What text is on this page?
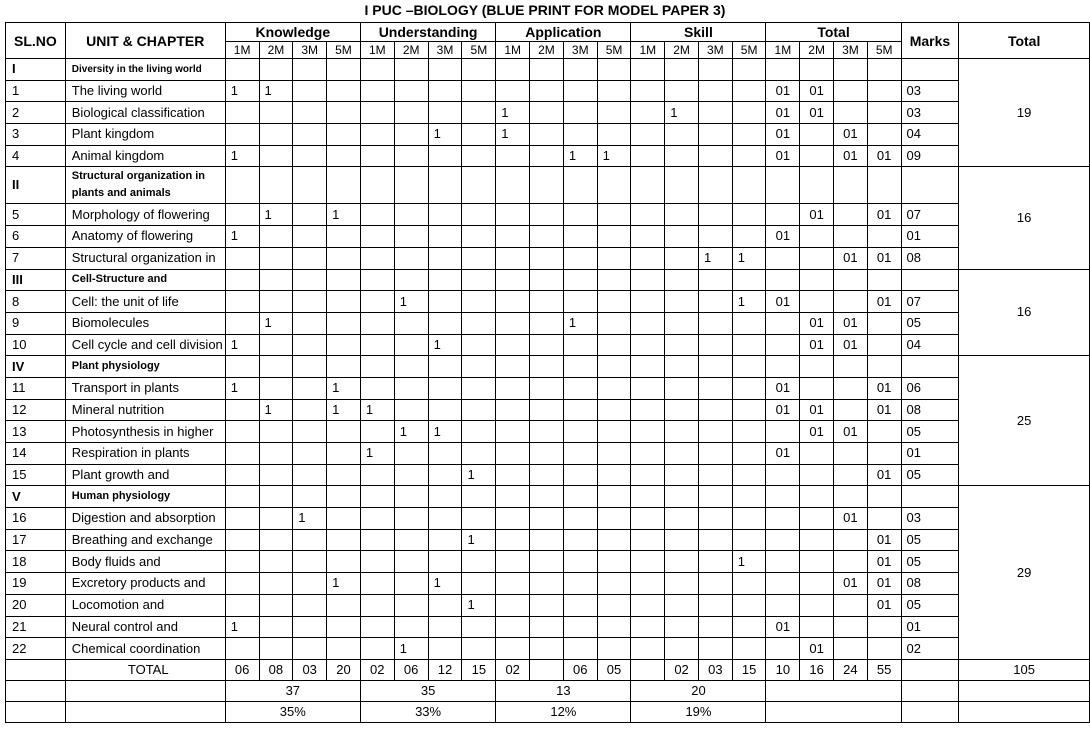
I PUC –BIOLOGY (BLUE PRINT FOR MODEL PAPER 3)
SL.NO	UNIT & CHAPTER	Knowledge				Understanding				Application				Skill				Total				Marks	Total
		1M	2M	3M	5M	1M	2M	3M	5M	1M	2M	3M	5M	1M	2M	3M	5M	1M	2M	3M	5M		
I	Diversity in the living world																						19
1	The living world	1	1															01	01			03	
2	Biological classification									1					1			01	01			03	
3	Plant kingdom							1		1								01		01		04	
4	Animal kingdom	1										1	1					01		01	01	09	
II	Structural organization in plants and animals																						16
5	Morphology of flowering		1		1														01		01	07	
6	Anatomy of flowering	1																01				01	
7	Structural organization in															1	1			01	01	08	
III	Cell-Structure and																						16
8	Cell: the unit of life						1										1	01			01	07	
9	Biomolecules		1									1							01	01		05	
10	Cell cycle and cell division	1						1											01	01		04	
IV	Plant physiology																						25
11	Transport in plants	1			1													01			01	06	
12	Mineral nutrition		1		1	1												01	01		01	08	
13	Photosynthesis in higher						1	1											01	01		05	
14	Respiration in plants					1												01				01	
15	Plant growth and								1												01	05	
V	Human physiology																						29
16	Digestion and absorption			1																01		03	
17	Breathing and exchange								1												01	05	
18	Body fluids and																1				01	05	
19	Excretory products and				1			1												01	01	08	
20	Locomotion and								1												01	05	
21	Neural control and	1																01				01	
22	Chemical coordination						1												01			02	
	TOTAL	06	08	03	20	02	06	12	15	02		06	05		02	03	15	10	16	24	55		105
		37				35				13				20									
		35%				33%				12%				19%									
